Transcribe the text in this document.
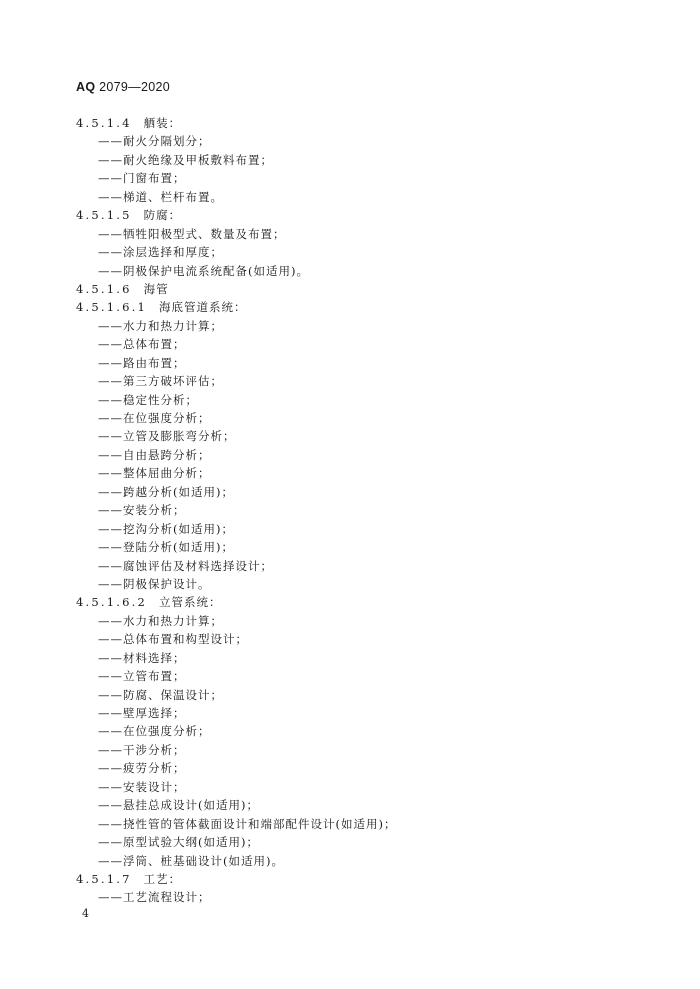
AQ 2079—2020
4.5.1.4 舾装：
——耐火分隔划分；
——耐火绝缘及甲板敷料布置；
——门窗布置；
——梯道、栏杆布置。
4.5.1.5 防腐：
——牺牲阳极型式、数量及布置；
——涂层选择和厚度；
——阴极保护电流系统配备(如适用)。
4.5.1.6 海管
4.5.1.6.1 海底管道系统：
——水力和热力计算；
——总体布置；
——路由布置；
——第三方破坏评估；
——稳定性分析；
——在位强度分析；
——立管及膨胀弯分析；
——自由悬跨分析；
——整体屈曲分析；
——跨越分析(如适用)；
——安装分析；
——挖沟分析(如适用)；
——登陆分析(如适用)；
——腐蚀评估及材料选择设计；
——阴极保护设计。
4.5.1.6.2 立管系统：
——水力和热力计算；
——总体布置和构型设计；
——材料选择；
——立管布置；
——防腐、保温设计；
——壁厚选择；
——在位强度分析；
——干涉分析；
——疲劳分析；
——安装设计；
——悬挂总成设计(如适用)；
——挠性管的管体截面设计和端部配件设计(如适用)；
——原型试验大纲(如适用)；
——浮筒、桩基础设计(如适用)。
4.5.1.7 工艺：
——工艺流程设计；
4
